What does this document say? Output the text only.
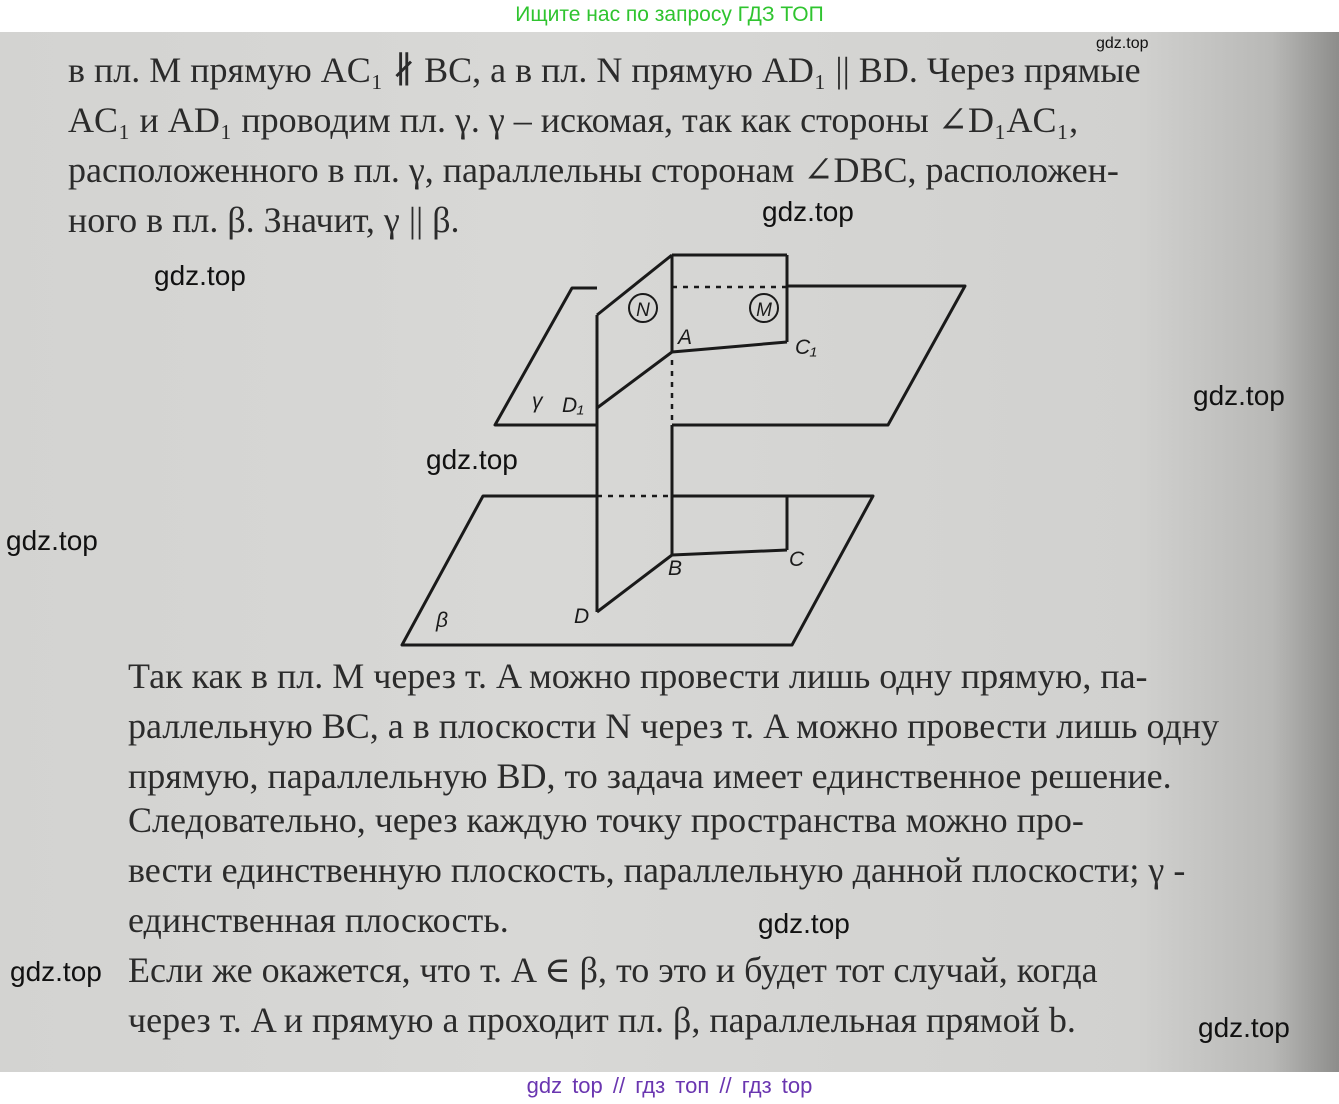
Ищите нас по запросу ГДЗ ТОП
в пл. M прямую AC₁ ∦ BC, а в пл. N прямую AD₁ || BD. Через прямые
AC₁ и AD₁ проводим пл. γ. γ – искомая, так как стороны ∠D₁AC₁,
расположенного в пл. γ, параллельны сторонам ∠DBC, расположен-
ного в пл. β. Значит, γ || β.
N	M
A	C₁
γ D₁
B	C
D
β
Так как в пл. M через т. A можно провести лишь одну прямую, па-
раллельную BC, а в плоскости N через т. A можно провести лишь одну
прямую, параллельную BD, то задача имеет единственное решение.
Следовательно, через каждую точку пространства можно про-
вести единственную плоскость, параллельную данной плоскости; γ -
единственная плоскость.
Если же окажется, что т. A ∈ β, то это и будет тот случай, когда
через т. A и прямую a проходит пл. β, параллельная прямой b.
gdz.top
gdz.top
gdz.top
gdz.top
gdz.top
gdz.top
gdz.top
gdz.top
gdz.top
gdz top // гдз топ // гдз top
